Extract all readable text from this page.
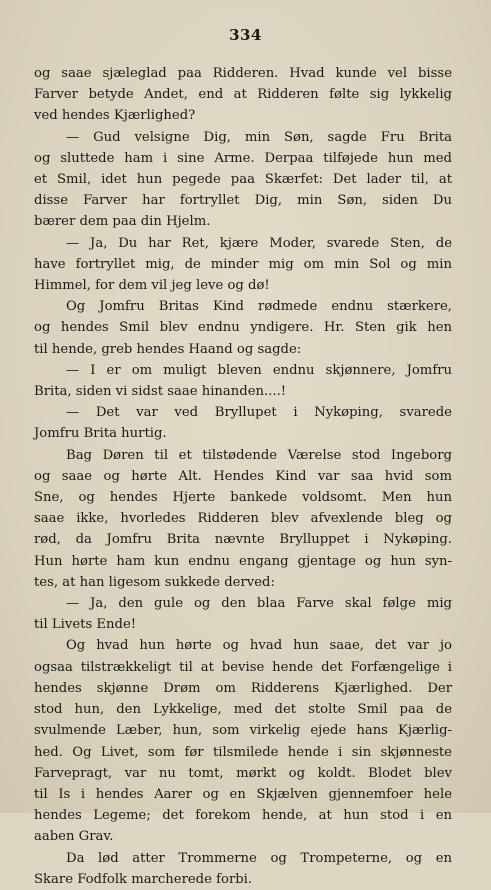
334
og saae sjæleglad paa Ridderen. Hvad kunde vel bisse
Farver betyde Andet, end at Ridderen følte sig lykkelig
ved hendes Kjærlighed?
— Gud velsigne Dig, min Søn, sagde Fru Brita
og sluttede ham i sine Arme. Derpaa tilføjede hun med
et Smil, idet hun pegede paa Skærfet: Det lader til, at
disse Farver har fortryllet Dig, min Søn, siden Du
bærer dem paa din Hjelm.
— Ja, Du har Ret, kjære Moder, svarede Sten, de
have fortryllet mig, de minder mig om min Sol og min
Himmel, for dem vil jeg leve og dø!
Og Jomfru Britas Kind rødmede endnu stærkere,
og hendes Smil blev endnu yndigere. Hr. Sten gik hen
til hende, greb hendes Haand og sagde:
— I er om muligt bleven endnu skjønnere, Jomfru
Brita, siden vi sidst saae hinanden....!
— Det var ved Bryllupet i Nykøping, svarede
Jomfru Brita hurtig.
Bag Døren til et tilstødende Værelse stod Ingeborg
og saae og hørte Alt. Hendes Kind var saa hvid som
Sne, og hendes Hjerte bankede voldsomt. Men hun
saae ikke, hvorledes Ridderen blev afvexlende bleg og
rød, da Jomfru Brita nævnte Brylluppet i Nykøping.
Hun hørte ham kun endnu engang gjentage og hun syn-
tes, at han ligesom sukkede derved:
— Ja, den gule og den blaa Farve skal følge mig
til Livets Ende!
Og hvad hun hørte og hvad hun saae, det var jo
ogsaa tilstrækkeligt til at bevise hende det Forfængelige i
hendes skjønne Drøm om Ridderens Kjærlighed. Der
stod hun, den Lykkelige, med det stolte Smil paa de
svulmende Læber, hun, som virkelig ejede hans Kjærlig-
hed. Og Livet, som før tilsmilede hende i sin skjønneste
Farvepragt, var nu tomt, mørkt og koldt. Blodet blev
til Is i hendes Aarer og en Skjælven gjennemfoer hele
hendes Legeme; det forekom hende, at hun stod i en
aaben Grav.
Da lød atter Trommerne og Trompeterne, og en
Skare Fodfolk marcherede forbi.
